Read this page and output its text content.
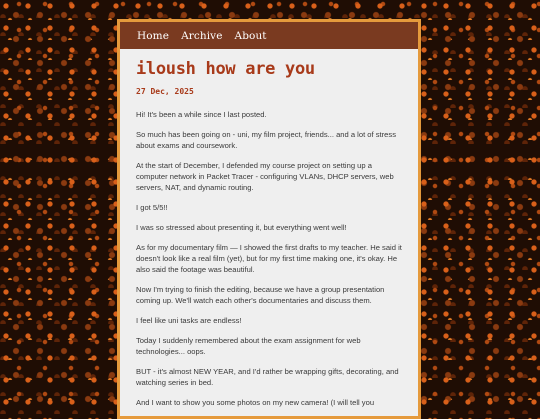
Home Archive About
iloush how are you
27 Dec, 2025

Hi! It's been a while since I last posted.

So much has been going on - uni, my film project, friends... and a lot of stress about exams and coursework.

At the start of December, I defended my course project on setting up a computer network in Packet Tracer - configuring VLANs, DHCP servers, web servers, NAT, and dynamic routing.

I got 5/5!!

I was so stressed about presenting it, but everything went well!

As for my documentary film — I showed the first drafts to my teacher. He said it doesn't look like a real film (yet), but for my first time making one, it's okay. He also said the footage was beautiful.

Now I'm trying to finish the editing, because we have a group presentation coming up. We'll watch each other's documentaries and discuss them.

I feel like uni tasks are endless!

Today I suddenly remembered about the exam assignment for web technologies... oops.

BUT - it's almost NEW YEAR, and I'd rather be wrapping gifts, decorating, and watching series in bed.

And I want to show you some photos on my new camera! (I will tell you
